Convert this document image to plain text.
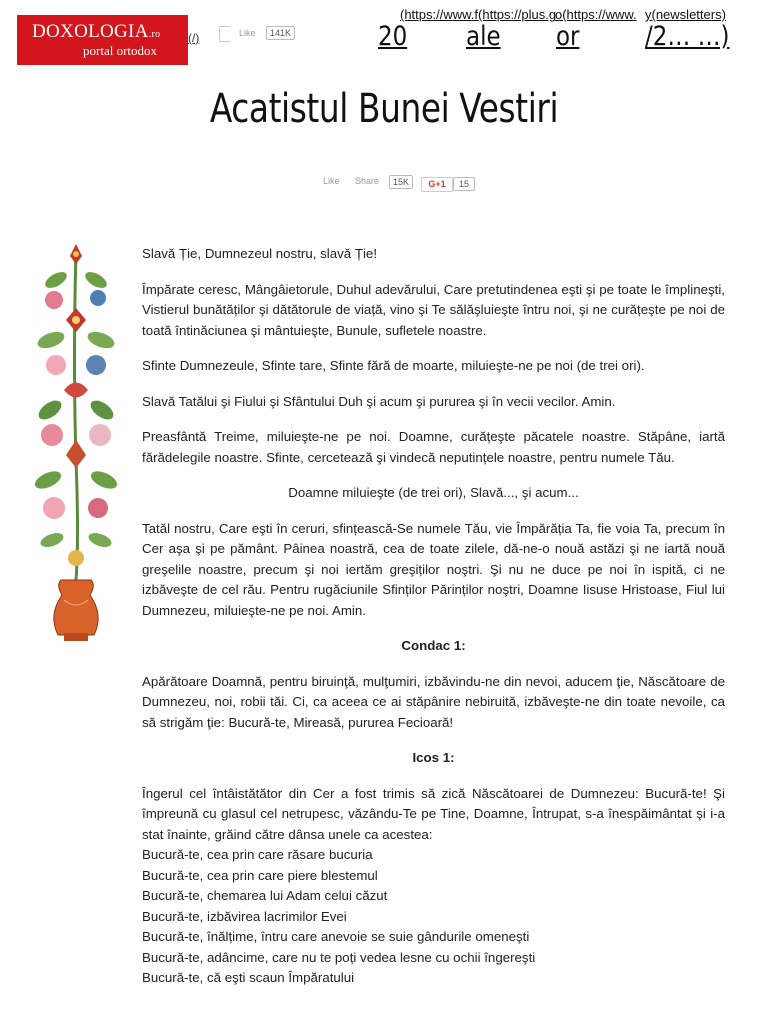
DOXOLOGIA.ro
portal ortodox
(/)	Like	141K
(https://www.f(https://plus.g
o(https://www. y(newsletters)
20 ale or /2… …)
Acatistul Bunei Vestiri
Like Share	15K	G+1	15

Slavă Ție, Dumnezeul nostru, slavă Ție!

Împărate ceresc, Mângâietorule, Duhul adevărului, Care pretutindenea eşti şi pe toate le împlineşti, Vistierul bunătăților şi dătătorule de viață, vino şi Te sălăşluieşte întru noi, şi ne curățeşte pe noi de toată întinăciunea şi mântuieşte, Bunule, sufletele noastre.

Sfinte Dumnezeule, Sfinte tare, Sfinte fără de moarte, miluieşte-ne pe noi (de trei ori).

Slavă Tatălui şi Fiului şi Sfântului Duh şi acum şi pururea şi în vecii vecilor. Amin.

Preasfântă Treime, miluieşte-ne pe noi. Doamne, curățeşte păcatele noastre. Stăpâne, iartă fărădelegile noastre. Sfinte, cercetează şi vindecă neputințele noastre, pentru numele Tău.

Doamne miluieşte (de trei ori), Slavă..., şi acum...

Tatăl nostru, Care eşti în ceruri, sfințească-Se numele Tău, vie Împărăția Ta, fie voia Ta, precum în Cer aşa şi pe pământ. Pâinea noastră, cea de toate zilele, dă-ne-o nouă astăzi şi ne iartă nouă greşelile noastre, precum şi noi iertăm greşiților noştri. Şi nu ne duce pe noi în ispită, ci ne izbăveşte de cel rău. Pentru rugăciunile Sfinților Părinților noştri, Doamne Iisuse Hristoase, Fiul lui Dumnezeu, miluieşte-ne pe noi. Amin.

Condac 1:

Apărătoare Doamnă, pentru biruinţă, mulţumiri, izbăvindu-ne din nevoi, aducem ţie, Născătoare de Dumnezeu, noi, robii tăi. Ci, ca aceea ce ai stăpânire nebiruită, izbăveşte-ne din toate nevoile, ca să strigăm ţie: Bucură-te, Mireasă, pururea Fecioară!

Icos 1:

Îngerul cel întâistătător din Cer a fost trimis să zică Născătoarei de Dumnezeu: Bucură-te! Şi împreună cu glasul cel netrupesc, văzându-Te pe Tine, Doamne, Întrupat, s-a înespăimântat şi i-a stat înainte, grăind către dânsa unele ca acestea:
Bucură-te, cea prin care răsare bucuria
Bucură-te, cea prin care piere blestemul
Bucură-te, chemarea lui Adam celui căzut
Bucură-te, izbăvirea lacrimilor Evei
Bucură-te, înălțime, întru care anevoie se suie gândurile omeneşti
Bucură-te, adâncime, care nu te poți vedea lesne cu ochii îngereşti
Bucură-te, că eşti scaun Împăratului
